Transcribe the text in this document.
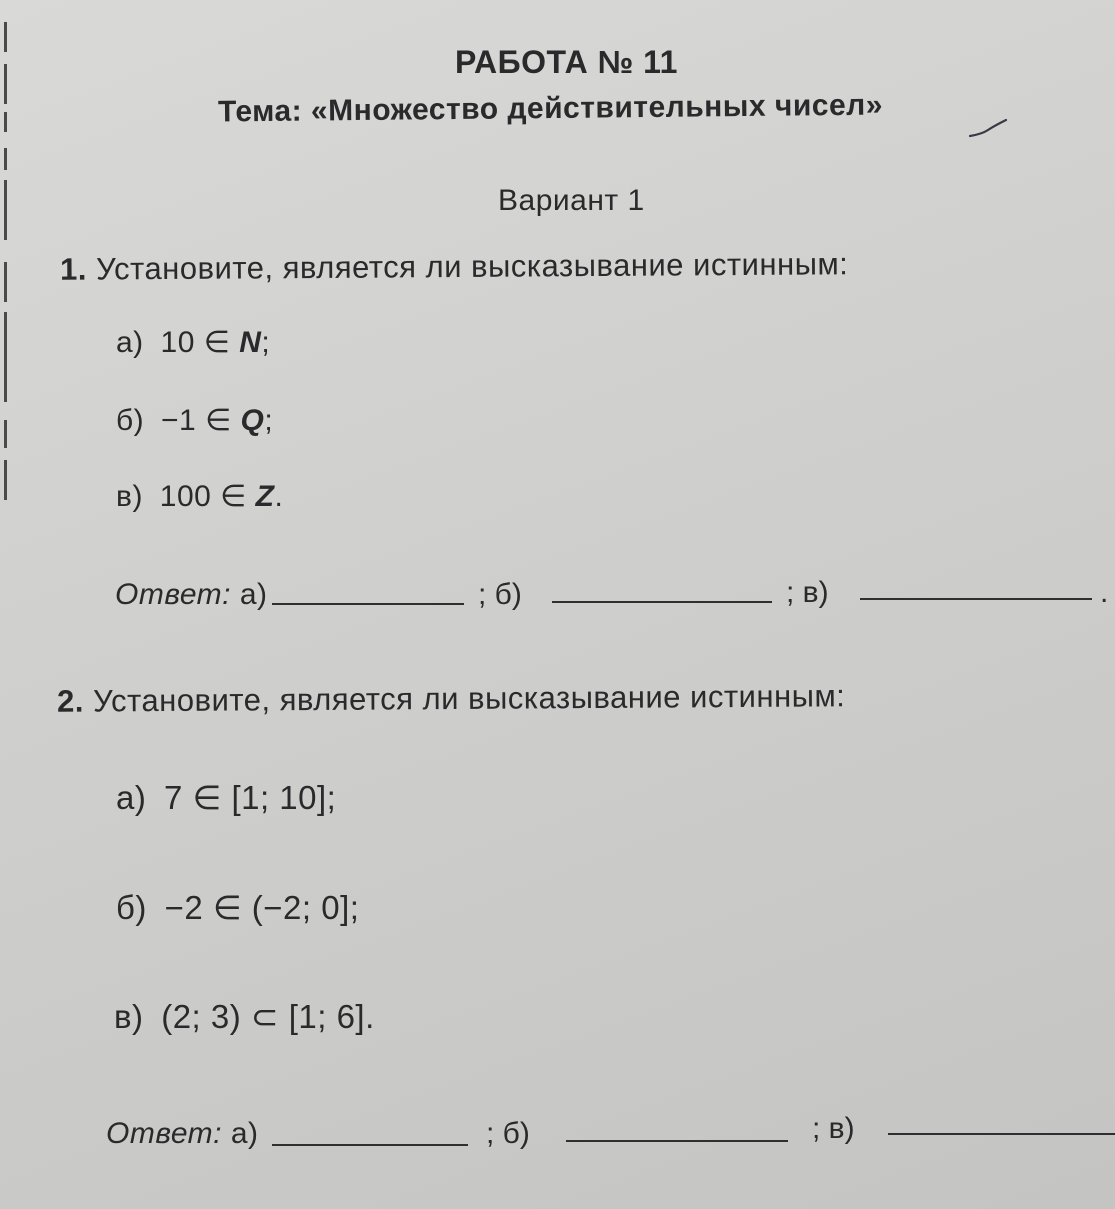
РАБОТА № 11
Тема: «Множество действительных чисел»
Вариант 1
1. Установите, является ли высказывание истинным:
а) 10 ∈ N;
б) −1 ∈ Q;
в) 100 ∈ Z.
Ответ: а)	; б)	; в)	.
2. Установите, является ли высказывание истинным:
а) 7 ∈ [1; 10];
б) −2 ∈ (−2; 0];
в) (2; 3) ⊂ [1; 6].
Ответ: а)	; б)	; в)
